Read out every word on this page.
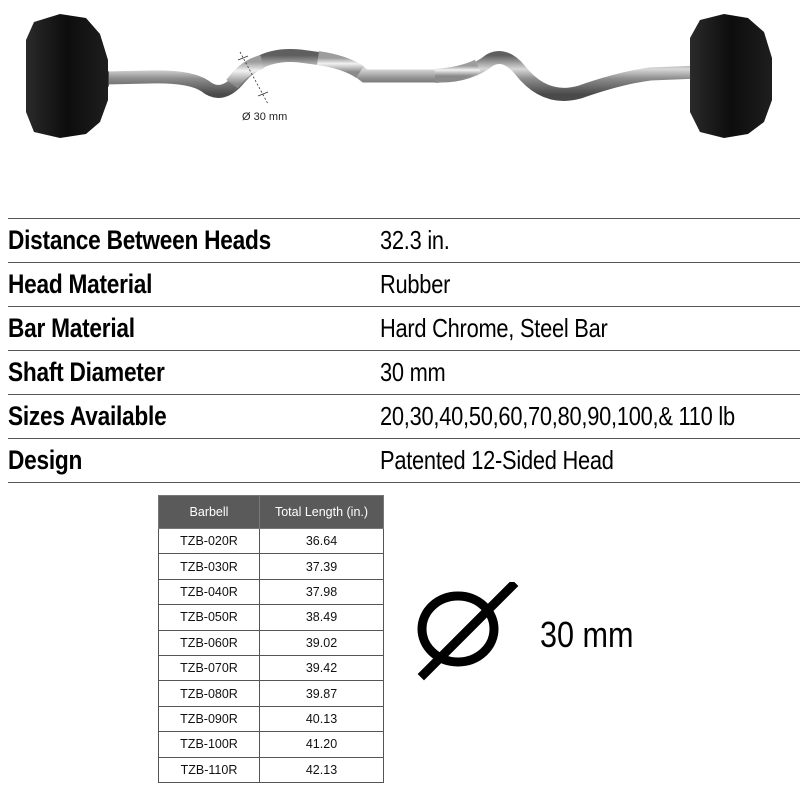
Ø 30 mm
Distance Between Heads	32.3 in.
Head Material	Rubber
Bar Material	Hard Chrome, Steel Bar
Shaft Diameter	30 mm
Sizes Available	20,30,40,50,60,70,80,90,100,& 110 lb
Design	Patented 12-Sided Head
Barbell	Total Length (in.)
TZB-020R	36.64
TZB-030R	37.39
TZB-040R	37.98
TZB-050R	38.49
TZB-060R	39.02
TZB-070R	39.42
TZB-080R	39.87
TZB-090R	40.13
TZB-100R	41.20
TZB-110R	42.13
30 mm
